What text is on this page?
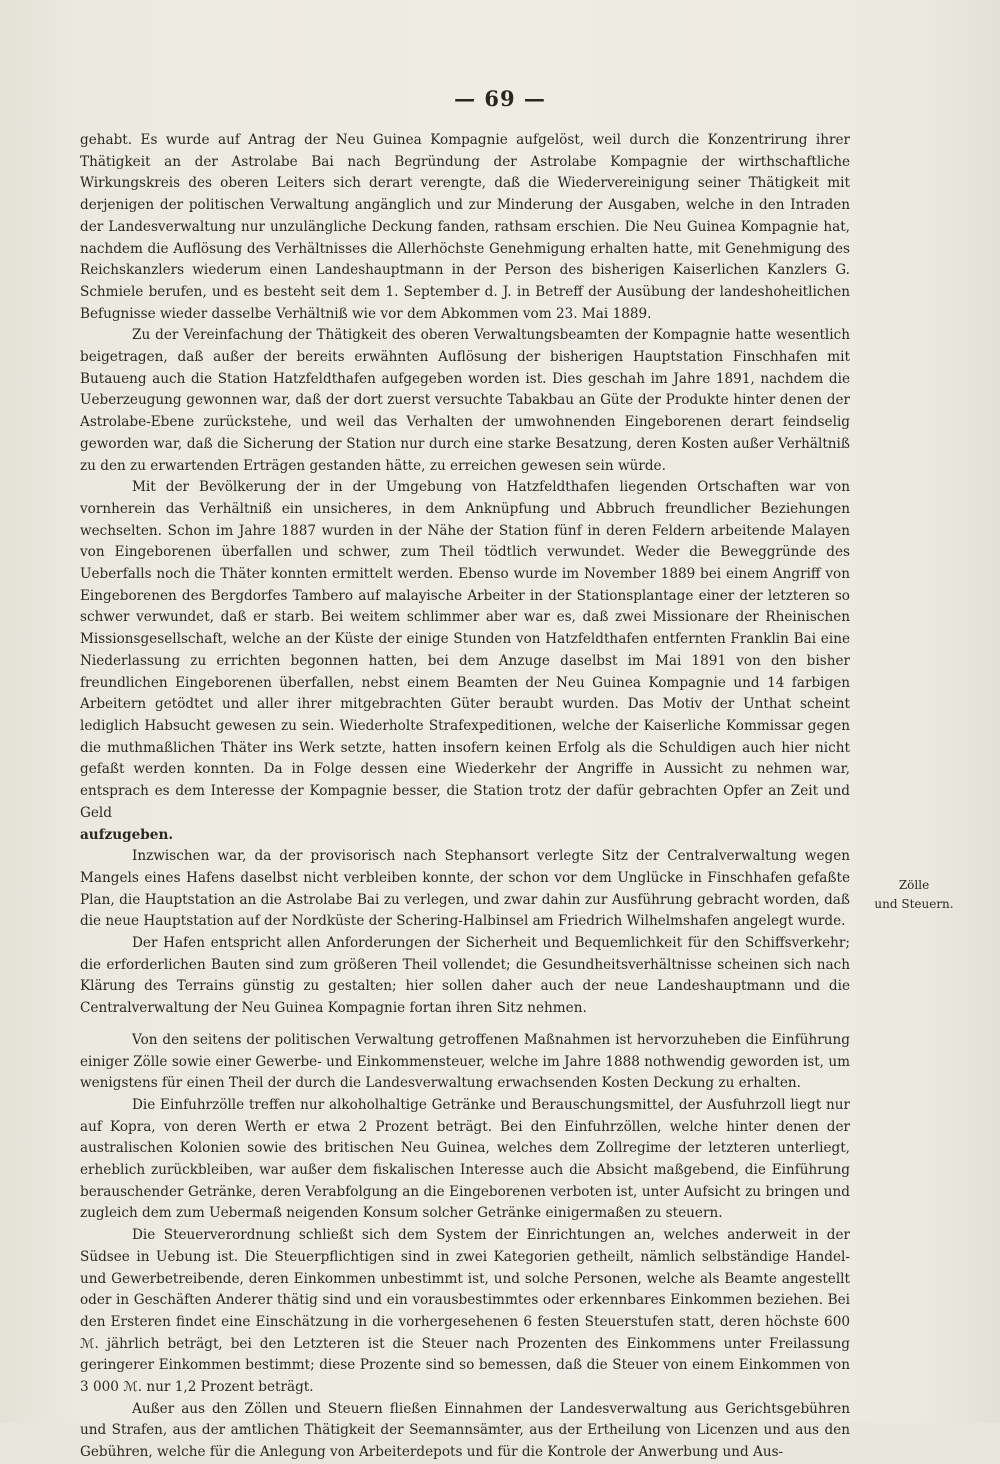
— 69 —

gehabt. Es wurde auf Antrag der Neu Guinea Kompagnie aufgelöst, weil durch die Konzentrirung ihrer Thätigkeit an der Astrolabe Bai nach Begründung der Astrolabe Kompagnie der wirthschaftliche Wirkungskreis des oberen Leiters sich derart verengte, daß die Wiedervereinigung seiner Thätigkeit mit derjenigen der politischen Verwaltung angänglich und zur Minderung der Ausgaben, welche in den Intraden der Landesverwaltung nur unzulängliche Deckung fanden, rathsam erschien. Die Neu Guinea Kompagnie hat, nachdem die Auflösung des Verhältnisses die Allerhöchste Genehmigung erhalten hatte, mit Genehmigung des Reichskanzlers wiederum einen Landeshauptmann in der Person des bisherigen Kaiserlichen Kanzlers G. Schmiele berufen, und es besteht seit dem 1. September d. J. in Betreff der Ausübung der landeshoheitlichen Befugnisse wieder dasselbe Verhältniß wie vor dem Abkommen vom 23. Mai 1889.

Zu der Vereinfachung der Thätigkeit des oberen Verwaltungsbeamten der Kompagnie hatte wesentlich beigetragen, daß außer der bereits erwähnten Auflösung der bisherigen Hauptstation Finschhafen mit Butaueng auch die Station Hatzfeldthafen aufgegeben worden ist. Dies geschah im Jahre 1891, nachdem die Ueberzeugung gewonnen war, daß der dort zuerst versuchte Tabakbau an Güte der Produkte hinter denen der Astrolabe-Ebene zurückstehe, und weil das Verhalten der umwohnenden Eingeborenen derart feindselig geworden war, daß die Sicherung der Station nur durch eine starke Besatzung, deren Kosten außer Verhältniß zu den zu erwartenden Erträgen gestanden hätte, zu erreichen gewesen sein würde.

Mit der Bevölkerung der in der Umgebung von Hatzfeldthafen liegenden Ortschaften war von vornherein das Verhältniß ein unsicheres, in dem Anknüpfung und Abbruch freundlicher Beziehungen wechselten. Schon im Jahre 1887 wurden in der Nähe der Station fünf in deren Feldern arbeitende Malayen von Eingeborenen überfallen und schwer, zum Theil tödtlich verwundet. Weder die Beweggründe des Ueberfalls noch die Thäter konnten ermittelt werden. Ebenso wurde im November 1889 bei einem Angriff von Eingeborenen des Bergdorfes Tambero auf malayische Arbeiter in der Stationsplantage einer der letzteren so schwer verwundet, daß er starb. Bei weitem schlimmer aber war es, daß zwei Missionare der Rheinischen Missionsgesellschaft, welche an der Küste der einige Stunden von Hatzfeldthafen entfernten Franklin Bai eine Niederlassung zu errichten begonnen hatten, bei dem Anzuge daselbst im Mai 1891 von den bisher freundlichen Eingeborenen überfallen, nebst einem Beamten der Neu Guinea Kompagnie und 14 farbigen Arbeitern getödtet und aller ihrer mitgebrachten Güter beraubt wurden. Das Motiv der Unthat scheint lediglich Habsucht gewesen zu sein. Wiederholte Strafexpeditionen, welche der Kaiserliche Kommissar gegen die muthmaßlichen Thäter ins Werk setzte, hatten insofern keinen Erfolg als die Schuldigen auch hier nicht gefaßt werden konnten. Da in Folge dessen eine Wiederkehr der Angriffe in Aussicht zu nehmen war, entsprach es dem Interesse der Kompagnie besser, die Station trotz der dafür gebrachten Opfer an Zeit und Geld

aufzugeben.

Inzwischen war, da der provisorisch nach Stephansort verlegte Sitz der Centralverwaltung wegen Mangels eines Hafens daselbst nicht verbleiben konnte, der schon vor dem Unglücke in Finschhafen gefaßte Plan, die Hauptstation an die Astrolabe Bai zu verlegen, und zwar dahin zur Ausführung gebracht worden, daß die neue Hauptstation auf der Nordküste der Schering-Halbinsel am Friedrich Wilhelmshafen angelegt wurde.

Der Hafen entspricht allen Anforderungen der Sicherheit und Bequemlichkeit für den Schiffsverkehr; die erforderlichen Bauten sind zum größeren Theil vollendet; die Gesundheitsverhältnisse scheinen sich nach Klärung des Terrains günstig zu gestalten; hier sollen daher auch der neue Landeshauptmann und die Centralverwaltung der Neu Guinea Kompagnie fortan ihren Sitz nehmen.

Von den seitens der politischen Verwaltung getroffenen Maßnahmen ist hervorzuheben die Einführung einiger Zölle sowie einer Gewerbe- und Einkommensteuer, welche im Jahre 1888 nothwendig geworden ist, um wenigstens für einen Theil der durch die Landesverwaltung erwachsenden Kosten Deckung zu erhalten.

Die Einfuhrzölle treffen nur alkoholhaltige Getränke und Berauschungsmittel, der Ausfuhrzoll liegt nur auf Kopra, von deren Werth er etwa 2 Prozent beträgt. Bei den Einfuhrzöllen, welche hinter denen der australischen Kolonien sowie des britischen Neu Guinea, welches dem Zollregime der letzteren unterliegt, erheblich zurückbleiben, war außer dem fiskalischen Interesse auch die Absicht maßgebend, die Einführung berauschender Getränke, deren Verabfolgung an die Eingeborenen verboten ist, unter Aufsicht zu bringen und zugleich dem zum Uebermaß neigenden Konsum solcher Getränke einigermaßen zu steuern.

Die Steuerverordnung schließt sich dem System der Einrichtungen an, welches anderweit in der Südsee in Uebung ist. Die Steuerpflichtigen sind in zwei Kategorien getheilt, nämlich selbständige Handel- und Gewerbetreibende, deren Einkommen unbestimmt ist, und solche Personen, welche als Beamte angestellt oder in Geschäften Anderer thätig sind und ein vorausbestimmtes oder erkennbares Einkommen beziehen. Bei den Ersteren findet eine Einschätzung in die vorhergesehenen 6 festen Steuerstufen statt, deren höchste 600 ℳ. jährlich beträgt, bei den Letzteren ist die Steuer nach Prozenten des Einkommens unter Freilassung geringerer Einkommen bestimmt; diese Prozente sind so bemessen, daß die Steuer von einem Einkommen von 3 000 ℳ. nur 1,2 Prozent beträgt.

Außer aus den Zöllen und Steuern fließen Einnahmen der Landesverwaltung aus Gerichtsgebühren und Strafen, aus der amtlichen Thätigkeit der Seemannsämter, aus der Ertheilung von Licenzen und aus den Gebühren, welche für die Anlegung von Arbeiterdepots und für die Kontrole der Anwerbung und Aus-

Zölle
und Steuern.
